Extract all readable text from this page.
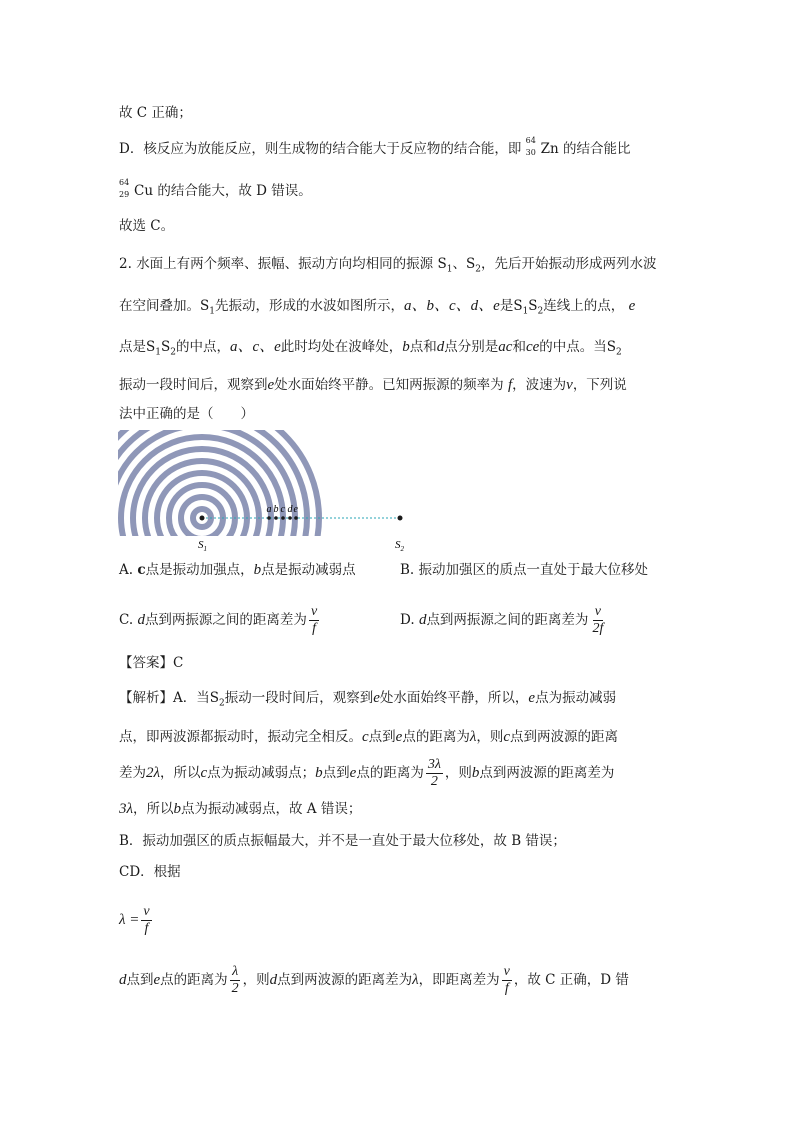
故 C 正确；
D．核反应为放能反应，则生成物的结合能大于反应物的结合能，即
64
30 Zn 的结合能比
64
29 Cu 的结合能大，故 D 错误。
故选 C。
2. 水面上有两个频率、振幅、振动方向均相同的振源 $S_1$、$S_2$，先后开始振动形成两列水波
在空间叠加。$S_1$先振动，形成的水波如图所示，a、b、c、d、e是$S_1S_2$连线上的点， e
点是$S_1S_2$的中点，a、c、e此时均处在波峰处，b点和d点分别是ac和ce的中点。当$S_2$
振动一段时间后，观察到e处水面始终平静。已知两振源的频率为 f，波速为v，下列说
法中正确的是（　　）
a b c d e
$S_1$	$S_2$
A. c点是振动加强点，b点是振动减弱点	B. 振动加强区的质点一直处于最大位移处
C. d点到两振源之间的距离差为 $\frac{v}{f}$	D. d点到两振源之间的距离差为 $\frac{v}{2f}$
【答案】C
【解析】A．当$S_2$振动一段时间后，观察到e处水面始终平静，所以，e点为振动减弱
点，即两波源都振动时，振动完全相反。c点到e点的距离为λ，则c点到两波源的距离
差为2λ，所以c点为振动减弱点；b点到e点的距离为 $\frac{3\lambda}{2}$ ，则b点到两波源的距离差为
3λ，所以b点为振动减弱点，故 A 错误；
B．振动加强区的质点振幅最大，并不是一直处于最大位移处，故 B 错误；
CD．根据
$\lambda = \frac{v}{f}$
d点到e点的距离为 $\frac{\lambda}{2}$ ，则d点到两波源的距离差为λ，即距离差为 $\frac{v}{f}$ ，故 C 正确，D 错
